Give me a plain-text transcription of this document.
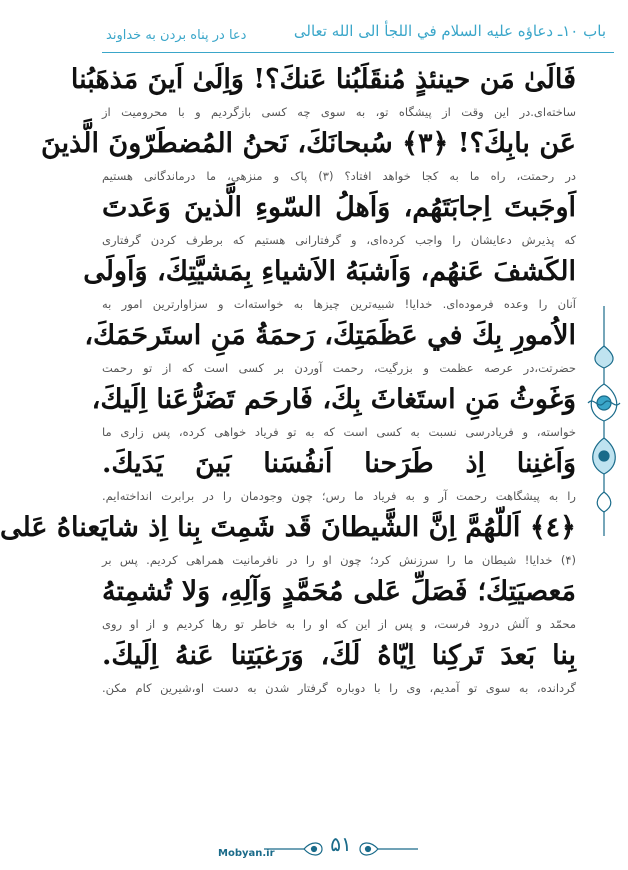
باب ۱۰ـ دعاؤه عليه السلام في اللجأ الى الله تعالى
دعا در پناه بردن به خداوند
فَالَىٰ مَن حينئذٍ مُنقَلَبُنا عَنكَ؟! وَاِلَىٰ اَينَ مَذهَبُنا
ساخته‌ای.در این وقت از پیشگاه تو، به سوی چه کسی بازگردیم و با محرومیت از
عَن بابِكَ؟! ﴿٣﴾ سُبحانَكَ، نَحنُ المُضطَرّونَ الَّذينَ
در رحمتت، راه ما به کجا خواهد افتاد؟ (۳) پاک و منزهی، ما درماندگانی هستیم
اَوجَبتَ اِجابَتَهُم، وَاَهلُ السّوءِ الَّذينَ وَعَدتَ
که پذیرش دعایشان را واجب کرده‌ای، و گرفتارانی هستیم که برطرف کردن گرفتاری
الكَشفَ عَنهُم، وَاَشبَهُ الاَشياءِ بِمَشيَّتِكَ، وَاَولَى
آنان را وعده فرموده‌ای. خدایا! شبیه‌ترین چیزها به خواسته‌ات و سزاوارترین امور به
الاُمورِ بِكَ في عَظَمَتِكَ، رَحمَةُ مَنِ استَرحَمَكَ،
حضرتت،در عرصه عظمت و بزرگیت، رحمت آوردن بر کسی است که از تو رحمت
وَغَوثُ مَنِ استَغاثَ بِكَ، فَارحَم تَضَرُّعَنا اِلَيكَ،
خواسته، و فریادرسی نسبت به کسی است که به تو فریاد خواهی کرده، پس زاری ما
وَاَغنِنا اِذ طَرَحنا اَنفُسَنا بَينَ يَدَيكَ.
را به پیشگاهت رحمت آر و به فریاد ما رس؛ چون وجودمان را در برابرت انداخته‌ایم.
﴿٤﴾ اَللّهُمَّ اِنَّ الشَّيطانَ قَد شَمِتَ بِنا اِذ شايَعناهُ عَلى
(۴) خدایا! شیطان ما را سرزنش کرد؛ چون او را در نافرمانیت همراهی کردیم. پس بر
مَعصيَتِكَ؛ فَصَلِّ عَلى مُحَمَّدٍ وَآلِهِ، وَلا تُشمِتهُ
محمّد و آلش درود فرست، و پس از این که او را به خاطر تو رها کردیم و از او روی
بِنا بَعدَ تَركِنا اِيّاهُ لَكَ، وَرَغبَتِنا عَنهُ اِلَيكَ.
گردانده، به سوی تو آمدیم، وی را با دوباره گرفتار شدن به دست او،شیرین کام مکن.
۵۱
Mobyan.ir
